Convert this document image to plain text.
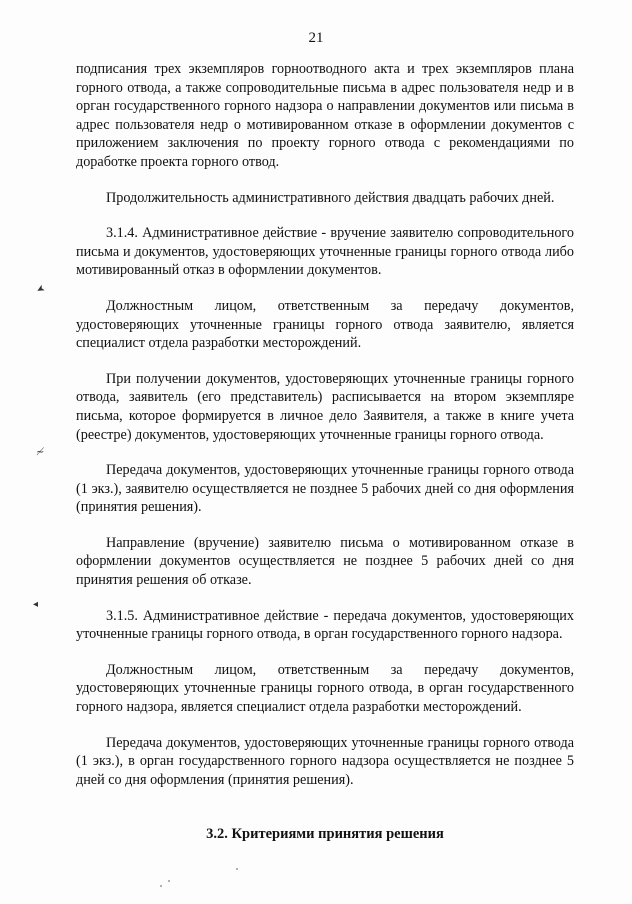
21
➤
≁
◂

подписания трех экземпляров горноотводного акта и трех экземпляров плана горного отвода, а также сопроводительные письма в адрес пользователя недр и в орган государственного горного надзора о направлении документов или письма в адрес пользователя недр о мотивированном отказе в оформлении документов с приложением заключения по проекту горного отвода с рекомендациями по доработке проекта горного отвод.

Продолжительность административного действия двадцать рабочих дней.

3.1.4. Административное действие - вручение заявителю сопроводительного письма и документов, удостоверяющих уточненные границы горного отвода либо мотивированный отказ в оформлении документов.

Должностным лицом, ответственным за передачу документов, удостоверяющих уточненные границы горного отвода заявителю, является специалист отдела разработки месторождений.

При получении документов, удостоверяющих уточненные границы горного отвода, заявитель (его представитель) расписывается на втором экземпляре письма, которое формируется в личное дело Заявителя, а также в книге учета (реестре) документов, удостоверяющих уточненные границы горного отвода.

Передача документов, удостоверяющих уточненные границы горного отвода (1 экз.), заявителю осуществляется не позднее 5 рабочих дней со дня оформления (принятия решения).

Направление (вручение) заявителю письма о мотивированном отказе в оформлении документов осуществляется не позднее 5 рабочих дней со дня принятия решения об отказе.

3.1.5. Административное действие - передача документов, удостоверяющих уточненные границы горного отвода, в орган государственного горного надзора.

Должностным лицом, ответственным за передачу документов, удостоверяющих уточненные границы горного отвода, в орган государственного горного надзора, является специалист отдела разработки месторождений.

Передача документов, удостоверяющих уточненные границы горного отвода (1 экз.), в орган государственного горного надзора осуществляется не позднее 5 дней со дня оформления (принятия решения).

3.2. Критериями принятия решения
